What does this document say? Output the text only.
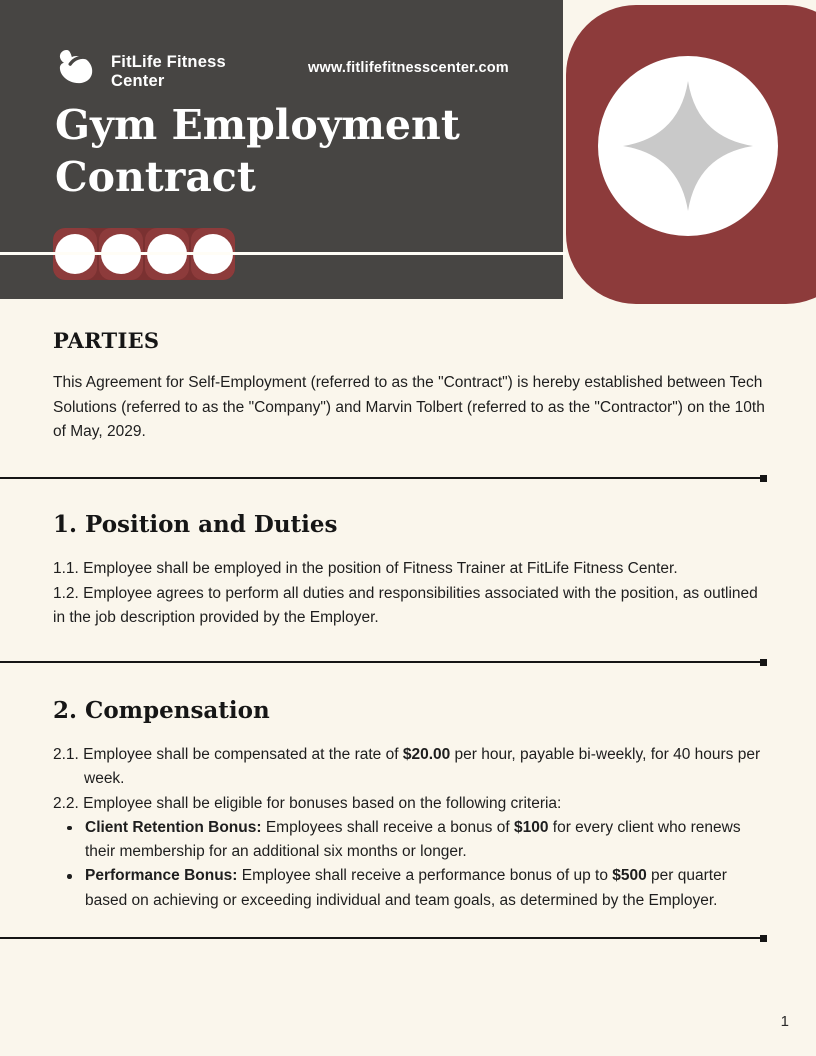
FitLife Fitness
Center
www.fitlifefitnesscenter.com
Gym Employment
Contract
PARTIES
This Agreement for Self-Employment (referred to as the "Contract") is hereby established between Tech Solutions (referred to as the "Company") and Marvin Tolbert (referred to as the "Contractor") on the 10th of May, 2029.
1. Position and Duties
1.1. Employee shall be employed in the position of Fitness Trainer at FitLife Fitness Center.
1.2. Employee agrees to perform all duties and responsibilities associated with the position, as outlined in the job description provided by the Employer.
2. Compensation
2.1. Employee shall be compensated at the rate of $20.00 per hour, payable bi-weekly, for 40 hours per week.
2.2. Employee shall be eligible for bonuses based on the following criteria:
Client Retention Bonus: Employees shall receive a bonus of $100 for every client who renews their membership for an additional six months or longer.
Performance Bonus: Employee shall receive a performance bonus of up to $500 per quarter based on achieving or exceeding individual and team goals, as determined by the Employer.
1
